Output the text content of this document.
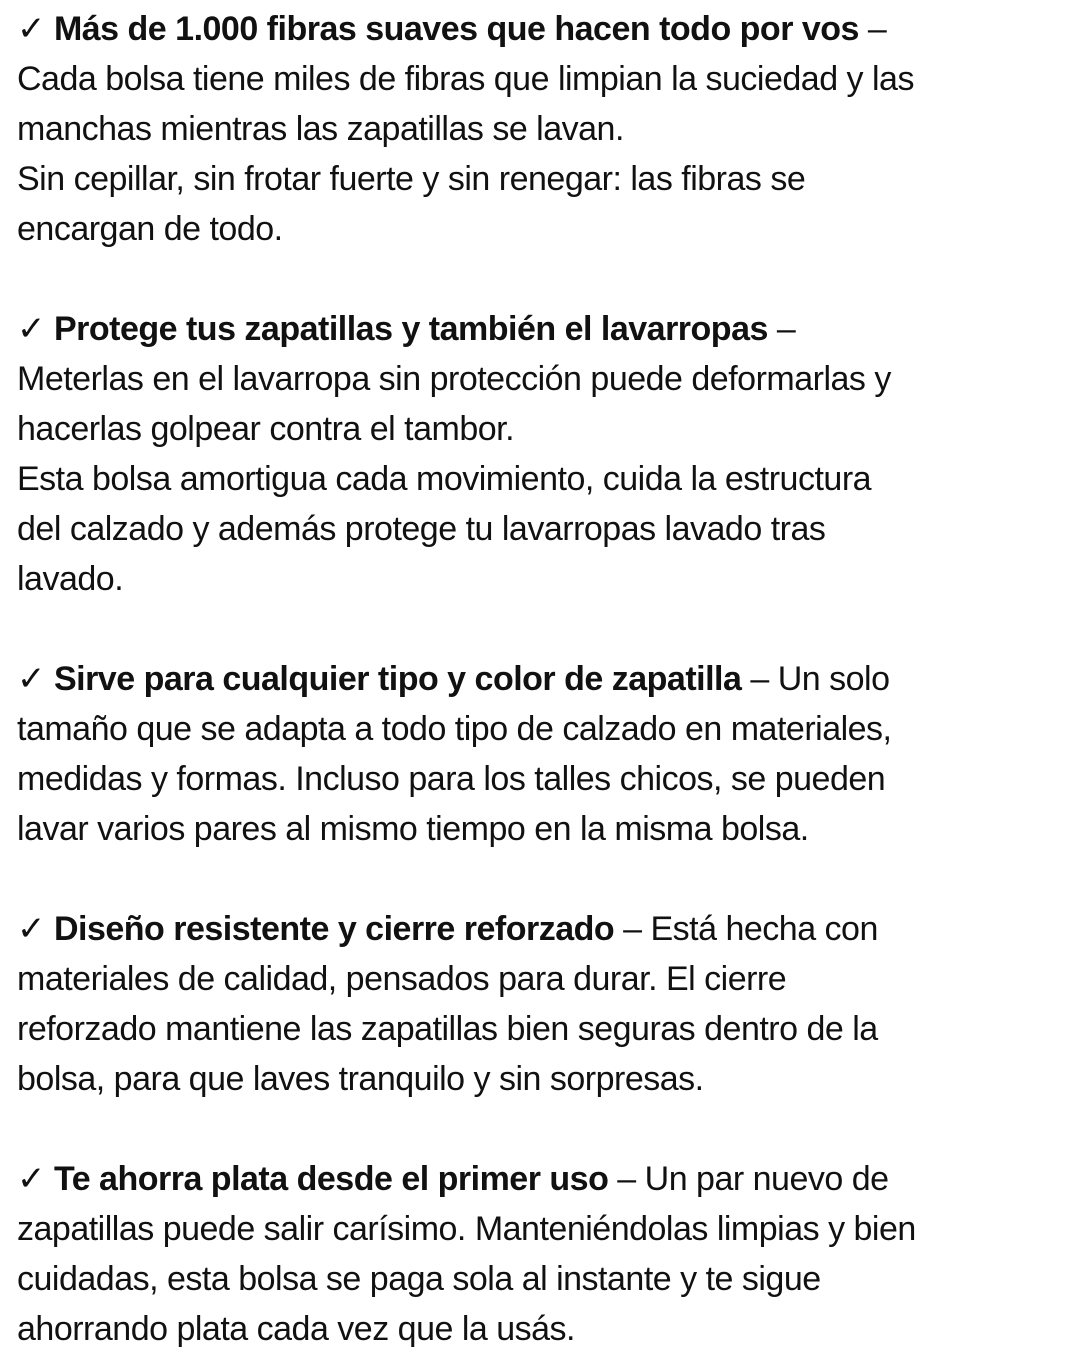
✓ Más de 1.000 fibras suaves que hacen todo por vos –
Cada bolsa tiene miles de fibras que limpian la suciedad y las
manchas mientras las zapatillas se lavan.
Sin cepillar, sin frotar fuerte y sin renegar: las fibras se
encargan de todo.
✓ Protege tus zapatillas y también el lavarropas –
Meterlas en el lavarropa sin protección puede deformarlas y
hacerlas golpear contra el tambor.
Esta bolsa amortigua cada movimiento, cuida la estructura
del calzado y además protege tu lavarropas lavado tras
lavado.
✓ Sirve para cualquier tipo y color de zapatilla – Un solo
tamaño que se adapta a todo tipo de calzado en materiales,
medidas y formas. Incluso para los talles chicos, se pueden
lavar varios pares al mismo tiempo en la misma bolsa.
✓ Diseño resistente y cierre reforzado – Está hecha con
materiales de calidad, pensados para durar. El cierre
reforzado mantiene las zapatillas bien seguras dentro de la
bolsa, para que laves tranquilo y sin sorpresas.
✓ Te ahorra plata desde el primer uso – Un par nuevo de
zapatillas puede salir carísimo. Manteniéndolas limpias y bien
cuidadas, esta bolsa se paga sola al instante y te sigue
ahorrando plata cada vez que la usás.
